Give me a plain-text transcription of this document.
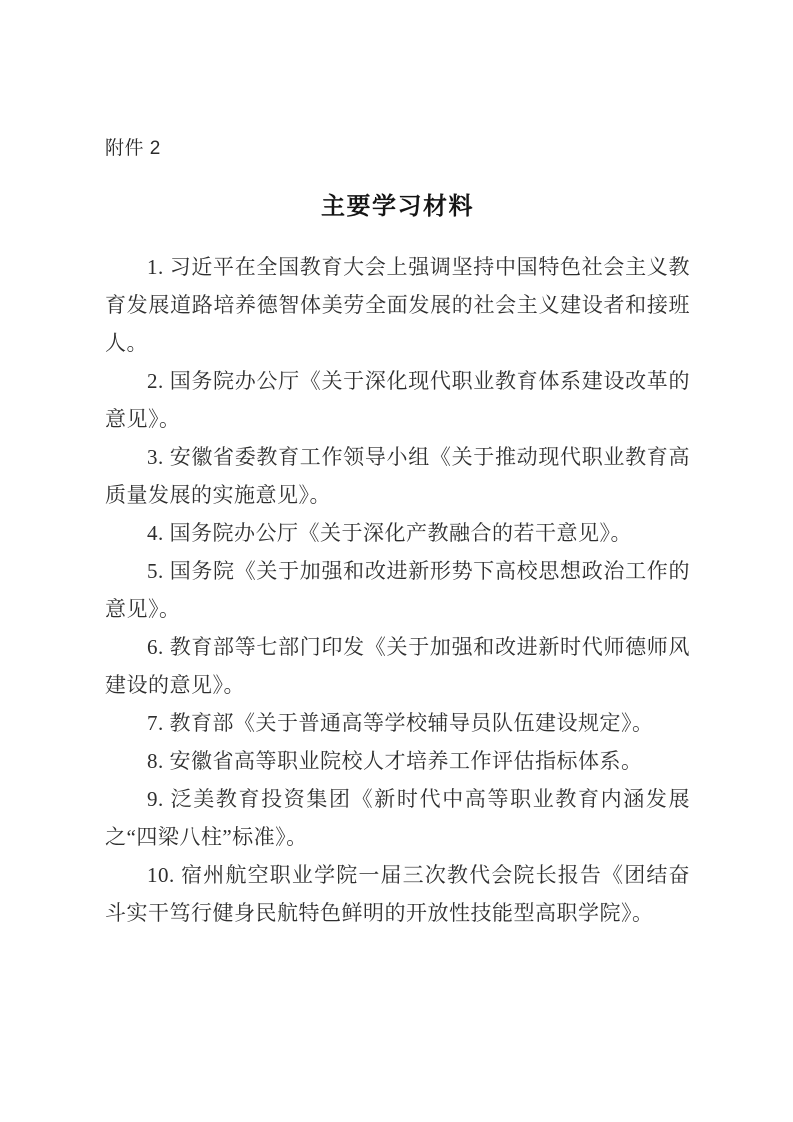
附件 2
主要学习材料

1. 习近平在全国教育大会上强调坚持中国特色社会主义教育发展道路培养德智体美劳全面发展的社会主义建设者和接班人。

2. 国务院办公厅《关于深化现代职业教育体系建设改革的意见》。

3. 安徽省委教育工作领导小组《关于推动现代职业教育高质量发展的实施意见》。

4. 国务院办公厅《关于深化产教融合的若干意见》。

5. 国务院《关于加强和改进新形势下高校思想政治工作的意见》。

6. 教育部等七部门印发《关于加强和改进新时代师德师风建设的意见》。

7. 教育部《关于普通高等学校辅导员队伍建设规定》。

8. 安徽省高等职业院校人才培养工作评估指标体系。

9. 泛美教育投资集团《新时代中高等职业教育内涵发展之“四梁八柱”标准》。

10. 宿州航空职业学院一届三次教代会院长报告《团结奋斗实干笃行健身民航特色鲜明的开放性技能型高职学院》。
